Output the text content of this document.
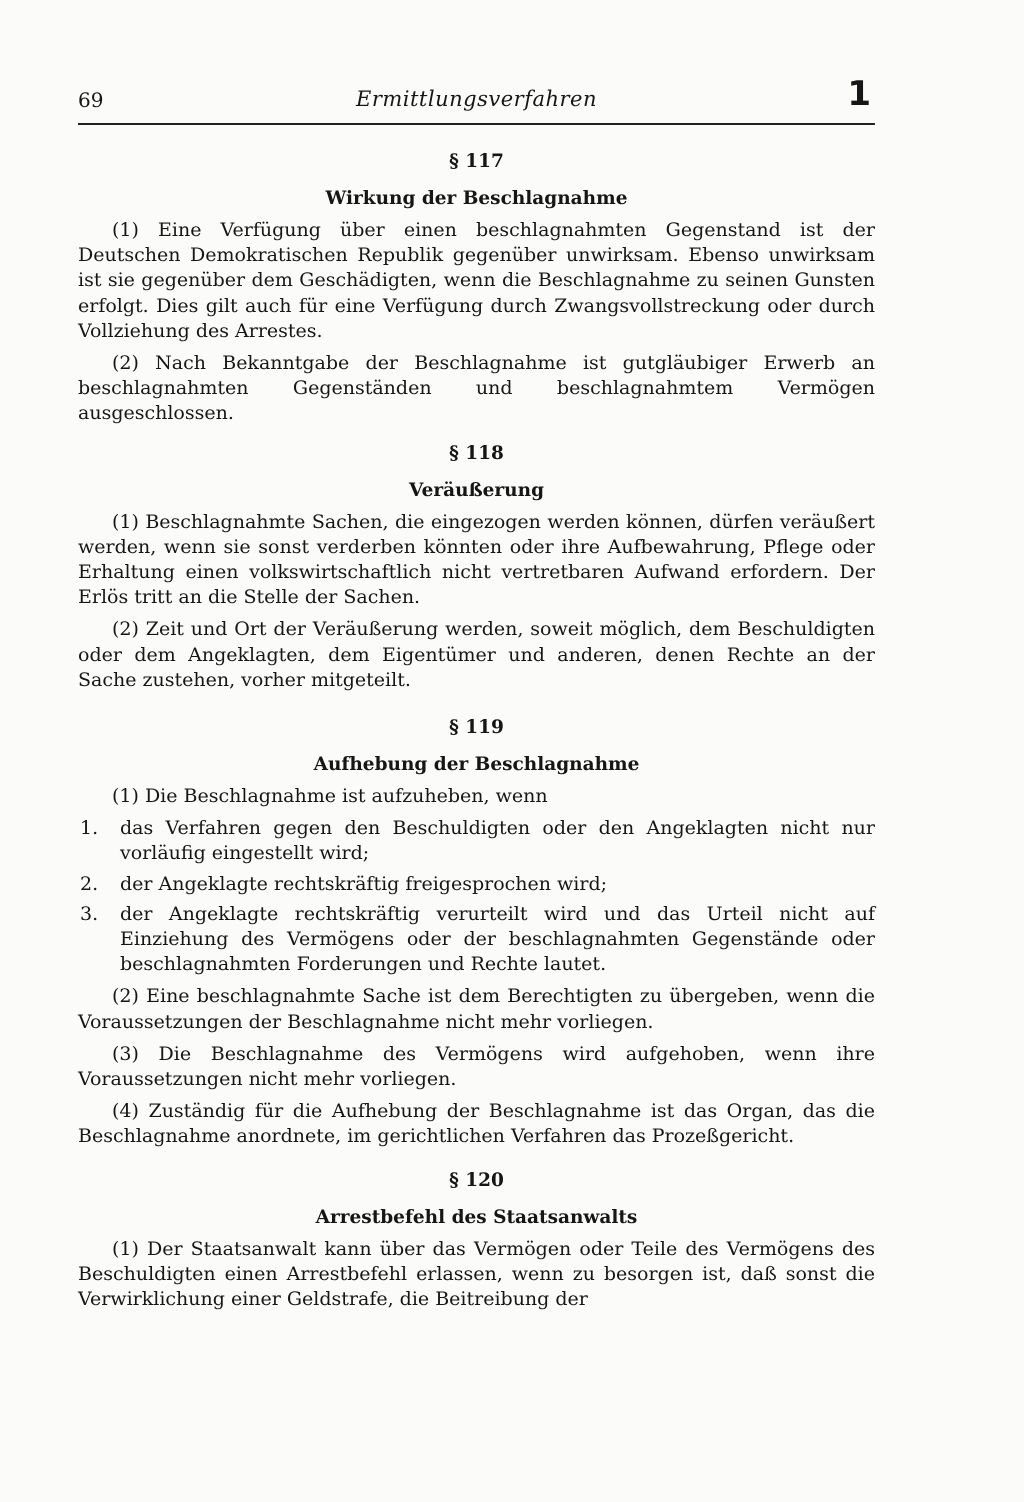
69	Ermittlungsverfahren	1

§ 117

Wirkung der Beschlagnahme

(1) Eine Verfügung über einen beschlagnahmten Gegenstand ist der Deutschen Demokratischen Republik gegenüber unwirksam. Ebenso unwirksam ist sie gegenüber dem Geschädigten, wenn die Beschlagnahme zu seinen Gunsten erfolgt. Dies gilt auch für eine Verfügung durch Zwangsvollstreckung oder durch Vollziehung des Arrestes.

(2) Nach Bekanntgabe der Beschlagnahme ist gutgläubiger Erwerb an beschlagnahmten Gegenständen und beschlagnahmtem Vermögen ausgeschlossen.

§ 118

Veräußerung

(1) Beschlagnahmte Sachen, die eingezogen werden können, dürfen veräußert werden, wenn sie sonst verderben könnten oder ihre Aufbewahrung, Pflege oder Erhaltung einen volkswirtschaftlich nicht vertretbaren Aufwand erfordern. Der Erlös tritt an die Stelle der Sachen.

(2) Zeit und Ort der Veräußerung werden, soweit möglich, dem Beschuldigten oder dem Angeklagten, dem Eigentümer und anderen, denen Rechte an der Sache zustehen, vorher mitgeteilt.

§ 119

Aufhebung der Beschlagnahme

(1) Die Beschlagnahme ist aufzuheben, wenn

1. das Verfahren gegen den Beschuldigten oder den Angeklagten nicht nur vorläufig eingestellt wird;
2. der Angeklagte rechtskräftig freigesprochen wird;
3. der Angeklagte rechtskräftig verurteilt wird und das Urteil nicht auf Einziehung des Vermögens oder der beschlagnahmten Gegenstände oder beschlagnahmten Forderungen und Rechte lautet.

(2) Eine beschlagnahmte Sache ist dem Berechtigten zu übergeben, wenn die Voraussetzungen der Beschlagnahme nicht mehr vorliegen.

(3) Die Beschlagnahme des Vermögens wird aufgehoben, wenn ihre Voraussetzungen nicht mehr vorliegen.

(4) Zuständig für die Aufhebung der Beschlagnahme ist das Organ, das die Beschlagnahme anordnete, im gerichtlichen Verfahren das Prozeßgericht.

§ 120

Arrestbefehl des Staatsanwalts

(1) Der Staatsanwalt kann über das Vermögen oder Teile des Vermögens des Beschuldigten einen Arrestbefehl erlassen, wenn zu besorgen ist, daß sonst die Verwirklichung einer Geldstrafe, die Beitreibung der
